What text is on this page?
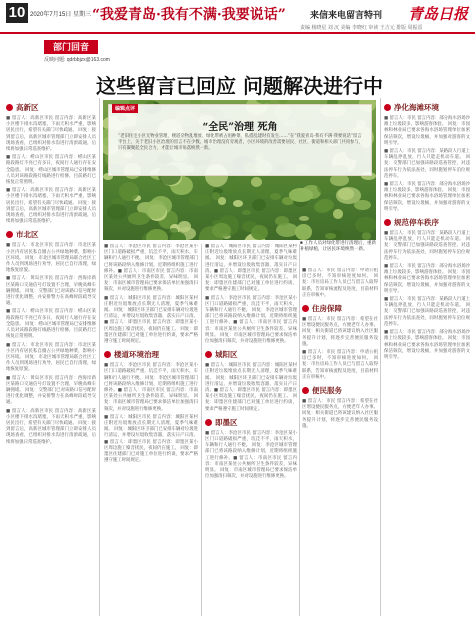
10 2020年7月15日 星期三 “我爱青岛·我有不满·我要说话”	来信来电留言特刊 青岛日报
责编 杨晓星 刘 沉 美编 李晓红 审读 王吉元 排版 周振雷
部门回音
反映问题: qdrbbjzx@163.com
这些留言已回应 问题解决进行中
高新区

■ 留言人：高新区市民 留言内容：高新区某小区楼下排水沟堵塞，下雨天积水严重，影响居民出行，希望有关部门尽快疏通。 回复：接到留言后，高新区城市管理部门立即安排人员现场查看，已组织对排水沟进行清淤疏通，后续将加强日常巡查维护。

■ 留言人：崂山区市民 留言内容：崂山区某路段路灯不亮已有多日，夜间行人通行存在安全隐患。 回复：崂山区城市管理局已安排维修人员对该路段路灯线路进行检修，目前路灯已恢复正常照明。

■ 留言人：高新区市民 留言内容：高新区某小区楼下排水沟堵塞，下雨天积水严重，影响居民出行，希望有关部门尽快疏通。 回复：接到留言后，高新区城市管理部门立即安排人员现场查看，已组织对排水沟进行清淤疏通，后续将加强日常巡查维护。

市北区

■ 留言人：市北区市民 留言内容：市北区某小区内有居民私自圈占公共绿地种菜，影响小区环境。 回复：市北区城市管理局联合社区工作人员到现场进行劝导，居民已自行清理，绿地恢复原貌。

■ 留言人：黄岛区市民 留言内容：西海岸新区某路口交通信号灯设置不合理，早晚高峰车辆拥堵。 回复：交警部门已对该路口信号配时进行优化调整，并安排警力在高峰时段疏导交通。

■ 留言人：崂山区市民 留言内容：崂山区某路段路灯不亮已有多日，夜间行人通行存在安全隐患。 回复：崂山区城市管理局已安排维修人员对该路段路灯线路进行检修，目前路灯已恢复正常照明。

■ 留言人：市北区市民 留言内容：市北区某小区内有居民私自圈占公共绿地种菜，影响小区环境。 回复：市北区城市管理局联合社区工作人员到现场进行劝导，居民已自行清理，绿地恢复原貌。

■ 留言人：黄岛区市民 留言内容：西海岸新区某路口交通信号灯设置不合理，早晚高峰车辆拥堵。 回复：交警部门已对该路口信号配时进行优化调整，并安排警力在高峰时段疏导交通。

■ 留言人：高新区市民 留言内容：高新区某小区楼下排水沟堵塞，下雨天积水严重，影响居民出行，希望有关部门尽快疏通。 回复：接到留言后，高新区城市管理部门立即安排人员现场查看，已组织对排水沟进行清淤疏通，后续将加强日常巡查维护。

编辑点评
“全民”治理 死角
“老旧住宅小区无物业管理，楼道杂物乱堆放、绿化带被占用种菜、私搭乱建时有发生……”在“我爱青岛·我有不满·我要说话”留言平台上，关于老旧小区治理的留言不在少数。城市治理没有旁观者，小区环境的改善需要居民、社区、街道和相关部门共同参与，只有凝聚起全民合力，才能让城市角落焕然一新。

■ 留言人：李沧区市民 留言内容：李沧区某小区门口道路破损严重，坑洼不平，雨天积水，车辆和行人通行不便。 回复：李沧区城市管理部门已将该路段纳入维修计划，近期将组织施工进行修补。■ 留言人：市南区市民 留言内容：市南区某处公共厕所卫生条件较差，异味明显。 回复：市南区城市管理局已要求保洁单位加强清扫频次，并对设施进行维修更换。

■ 留言人：城阳区市民 留言内容：城阳区某村庄附近垃圾堆放点长期无人清理，夏季气味难闻。 回复：城阳区环卫部门已安排车辆对垃圾进行清运，并增设垃圾收集容器，落实日产日清。■ 留言人：即墨区市民 留言内容：即墨区某小区周边施工噪音扰民，夜间仍在施工。 回复：即墨区住建部门已对施工单位进行约谈，要求严格遵守施工时间规定。

楼道环境治理

■ 留言人：李沧区市民 留言内容：李沧区某小区门口道路破损严重，坑洼不平，雨天积水，车辆和行人通行不便。 回复：李沧区城市管理部门已将该路段纳入维修计划，近期将组织施工进行修补。■ 留言人：市南区市民 留言内容：市南区某处公共厕所卫生条件较差，异味明显。 回复：市南区城市管理局已要求保洁单位加强清扫频次，并对设施进行维修更换。

■ 留言人：城阳区市民 留言内容：城阳区某村庄附近垃圾堆放点长期无人清理，夏季气味难闻。 回复：城阳区环卫部门已安排车辆对垃圾进行清运，并增设垃圾收集容器，落实日产日清。■ 留言人：即墨区市民 留言内容：即墨区某小区周边施工噪音扰民，夜间仍在施工。 回复：即墨区住建部门已对施工单位进行约谈，要求严格遵守施工时间规定。

■ 留言人：城阳区市民 留言内容：城阳区某村庄附近垃圾堆放点长期无人清理，夏季气味难闻。 回复：城阳区环卫部门已安排车辆对垃圾进行清运，并增设垃圾收集容器，落实日产日清。■ 留言人：即墨区市民 留言内容：即墨区某小区周边施工噪音扰民，夜间仍在施工。 回复：即墨区住建部门已对施工单位进行约谈，要求严格遵守施工时间规定。

■ 留言人：李沧区市民 留言内容：李沧区某小区门口道路破损严重，坑洼不平，雨天积水，车辆和行人通行不便。 回复：李沧区城市管理部门已将该路段纳入维修计划，近期将组织施工进行修补。■ 留言人：市南区市民 留言内容：市南区某处公共厕所卫生条件较差，异味明显。 回复：市南区城市管理局已要求保洁单位加强清扫频次，并对设施进行维修更换。

城阳区

■ 留言人：城阳区市民 留言内容：城阳区某村庄附近垃圾堆放点长期无人清理，夏季气味难闻。 回复：城阳区环卫部门已安排车辆对垃圾进行清运，并增设垃圾收集容器，落实日产日清。■ 留言人：即墨区市民 留言内容：即墨区某小区周边施工噪音扰民，夜间仍在施工。 回复：即墨区住建部门已对施工单位进行约谈，要求严格遵守施工时间规定。

即墨区

■ 留言人：李沧区市民 留言内容：李沧区某小区门口道路破损严重，坑洼不平，雨天积水，车辆和行人通行不便。 回复：李沧区城市管理部门已将该路段纳入维修计划，近期将组织施工进行修补。■ 留言人：市南区市民 留言内容：市南区某处公共厕所卫生条件较差，异味明显。 回复：市南区城市管理局已要求保洁单位加强清扫频次，并对设施进行维修更换。

■ 工作人员对绿化带进行清理后，重新补植绿植，让居民环境焕然一新。

■ 留言人：市民 留言内容：申请公租房已多时，不知审核进度如何。 回复：市住房局工作人员已与留言人取得联系，告知审核流程及进度，目前材料正在审核中。

住房保障

■ 留言人：市民 留言内容：希望在社区增设便民服务点，方便老年人办事。 回复：相关街道已将该建议纳入社区服务提升计划，将逐步完善便民服务设施。

■ 留言人：市民 留言内容：申请公租房已多时，不知审核进度如何。 回复：市住房局工作人员已与留言人取得联系，告知审核流程及进度，目前材料正在审核中。

便民服务

■ 留言人：市民 留言内容：希望在社区增设便民服务点，方便老年人办事。 回复：相关街道已将该建议纳入社区服务提升计划，将逐步完善便民服务设施。

净化海滩环境

■ 留言人：市民 留言内容：部分海水浴场沙滩上垃圾较多，影响游客体验。 回复：市园林和林业局已要求各海水浴场管理单位加密保洁频次，增设垃圾桶，并加强对游客的文明引导。

■ 留言人：市民 留言内容：某路段人行道上车辆乱停乱放，行人只能走机动车道。 回复：交警部门已加强该路段巡查管控，对违法停车行为依法查处，同时施划停车泊位规范停车。

■ 留言人：市民 留言内容：部分海水浴场沙滩上垃圾较多，影响游客体验。 回复：市园林和林业局已要求各海水浴场管理单位加密保洁频次，增设垃圾桶，并加强对游客的文明引导。

规范停车秩序

■ 留言人：市民 留言内容：某路段人行道上车辆乱停乱放，行人只能走机动车道。 回复：交警部门已加强该路段巡查管控，对违法停车行为依法查处，同时施划停车泊位规范停车。

■ 留言人：市民 留言内容：部分海水浴场沙滩上垃圾较多，影响游客体验。 回复：市园林和林业局已要求各海水浴场管理单位加密保洁频次，增设垃圾桶，并加强对游客的文明引导。

■ 留言人：市民 留言内容：某路段人行道上车辆乱停乱放，行人只能走机动车道。 回复：交警部门已加强该路段巡查管控，对违法停车行为依法查处，同时施划停车泊位规范停车。

■ 留言人：市民 留言内容：部分海水浴场沙滩上垃圾较多，影响游客体验。 回复：市园林和林业局已要求各海水浴场管理单位加密保洁频次，增设垃圾桶，并加强对游客的文明引导。
